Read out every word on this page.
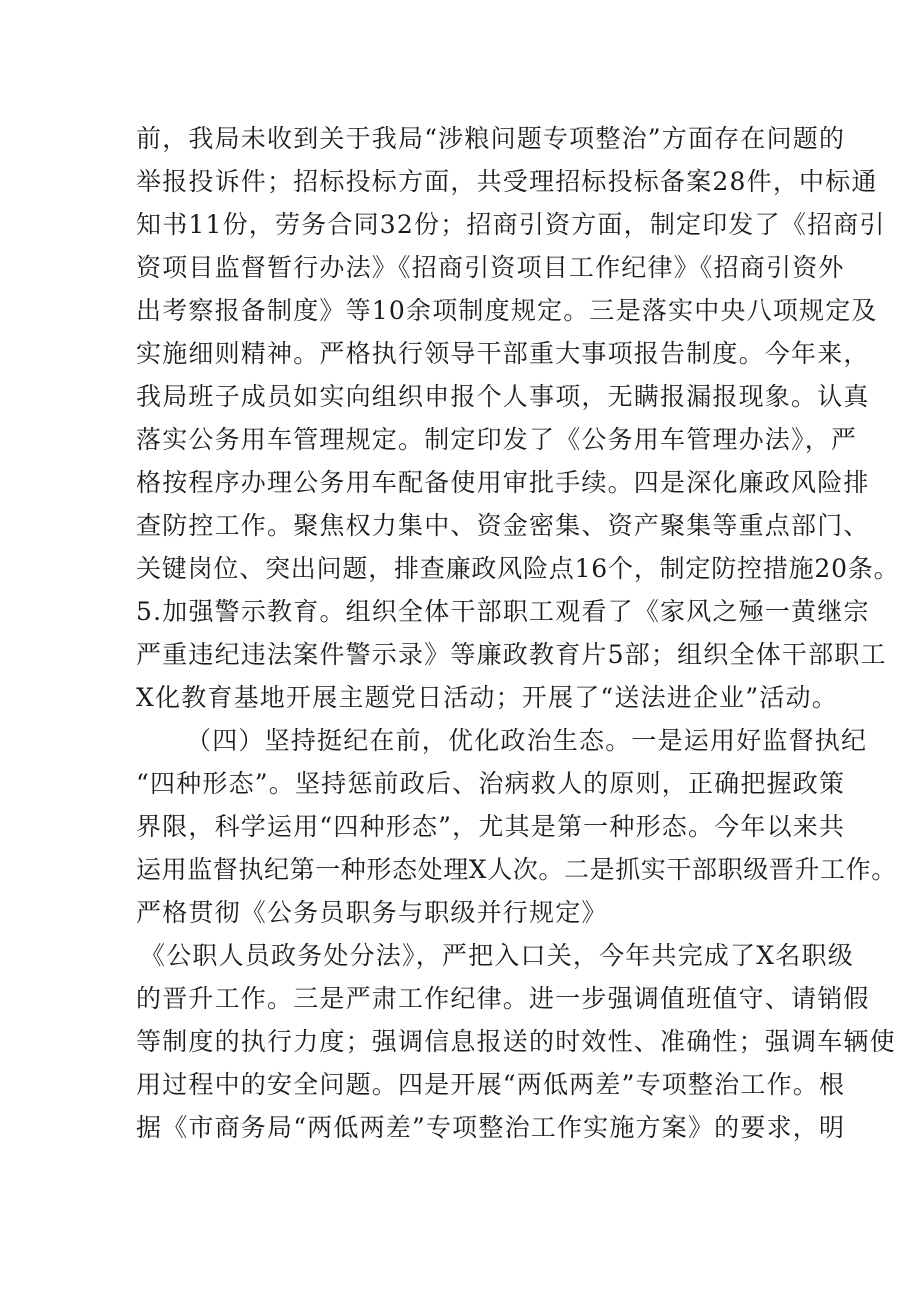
前，我局未收到关于我局“涉粮问题专项整治”方面存在问题的
举报投诉件；招标投标方面，共受理招标投标备案28件，中标通
知书11份，劳务合同32份；招商引资方面，制定印发了《招商引
资项目监督暂行办法》《招商引资项目工作纪律》《招商引资外
出考察报备制度》等10余项制度规定。三是落实中央八项规定及
实施细则精神。严格执行领导干部重大事项报告制度。今年来，
我局班子成员如实向组织申报个人事项，无瞒报漏报现象。认真
落实公务用车管理规定。制定印发了《公务用车管理办法》，严
格按程序办理公务用车配备使用审批手续。四是深化廉政风险排
查防控工作。聚焦权力集中、资金密集、资产聚集等重点部门、
关键岗位、突出问题，排查廉政风险点16个，制定防控措施20条。
5.加强警示教育。组织全体干部职工观看了《家风之殛一黄继宗
严重违纪违法案件警示录》等廉政教育片5部；组织全体干部职工
X化教育基地开展主题党日活动；开展了“送法进企业”活动。
（四）坚持挺纪在前，优化政治生态。一是运用好监督执纪
“四种形态”。坚持惩前政后、治病救人的原则，正确把握政策
界限，科学运用“四种形态”，尤其是第一种形态。今年以来共
运用监督执纪第一种形态处理X人次。二是抓实干部职级晋升工作。
严格贯彻《公务员职务与职级并行规定》
《公职人员政务处分法》，严把入口关，今年共完成了X名职级
的晋升工作。三是严肃工作纪律。进一步强调值班值守、请销假
等制度的执行力度；强调信息报送的时效性、准确性；强调车辆使
用过程中的安全问题。四是开展“两低两差”专项整治工作。根
据《市商务局“两低两差”专项整治工作实施方案》的要求，明
